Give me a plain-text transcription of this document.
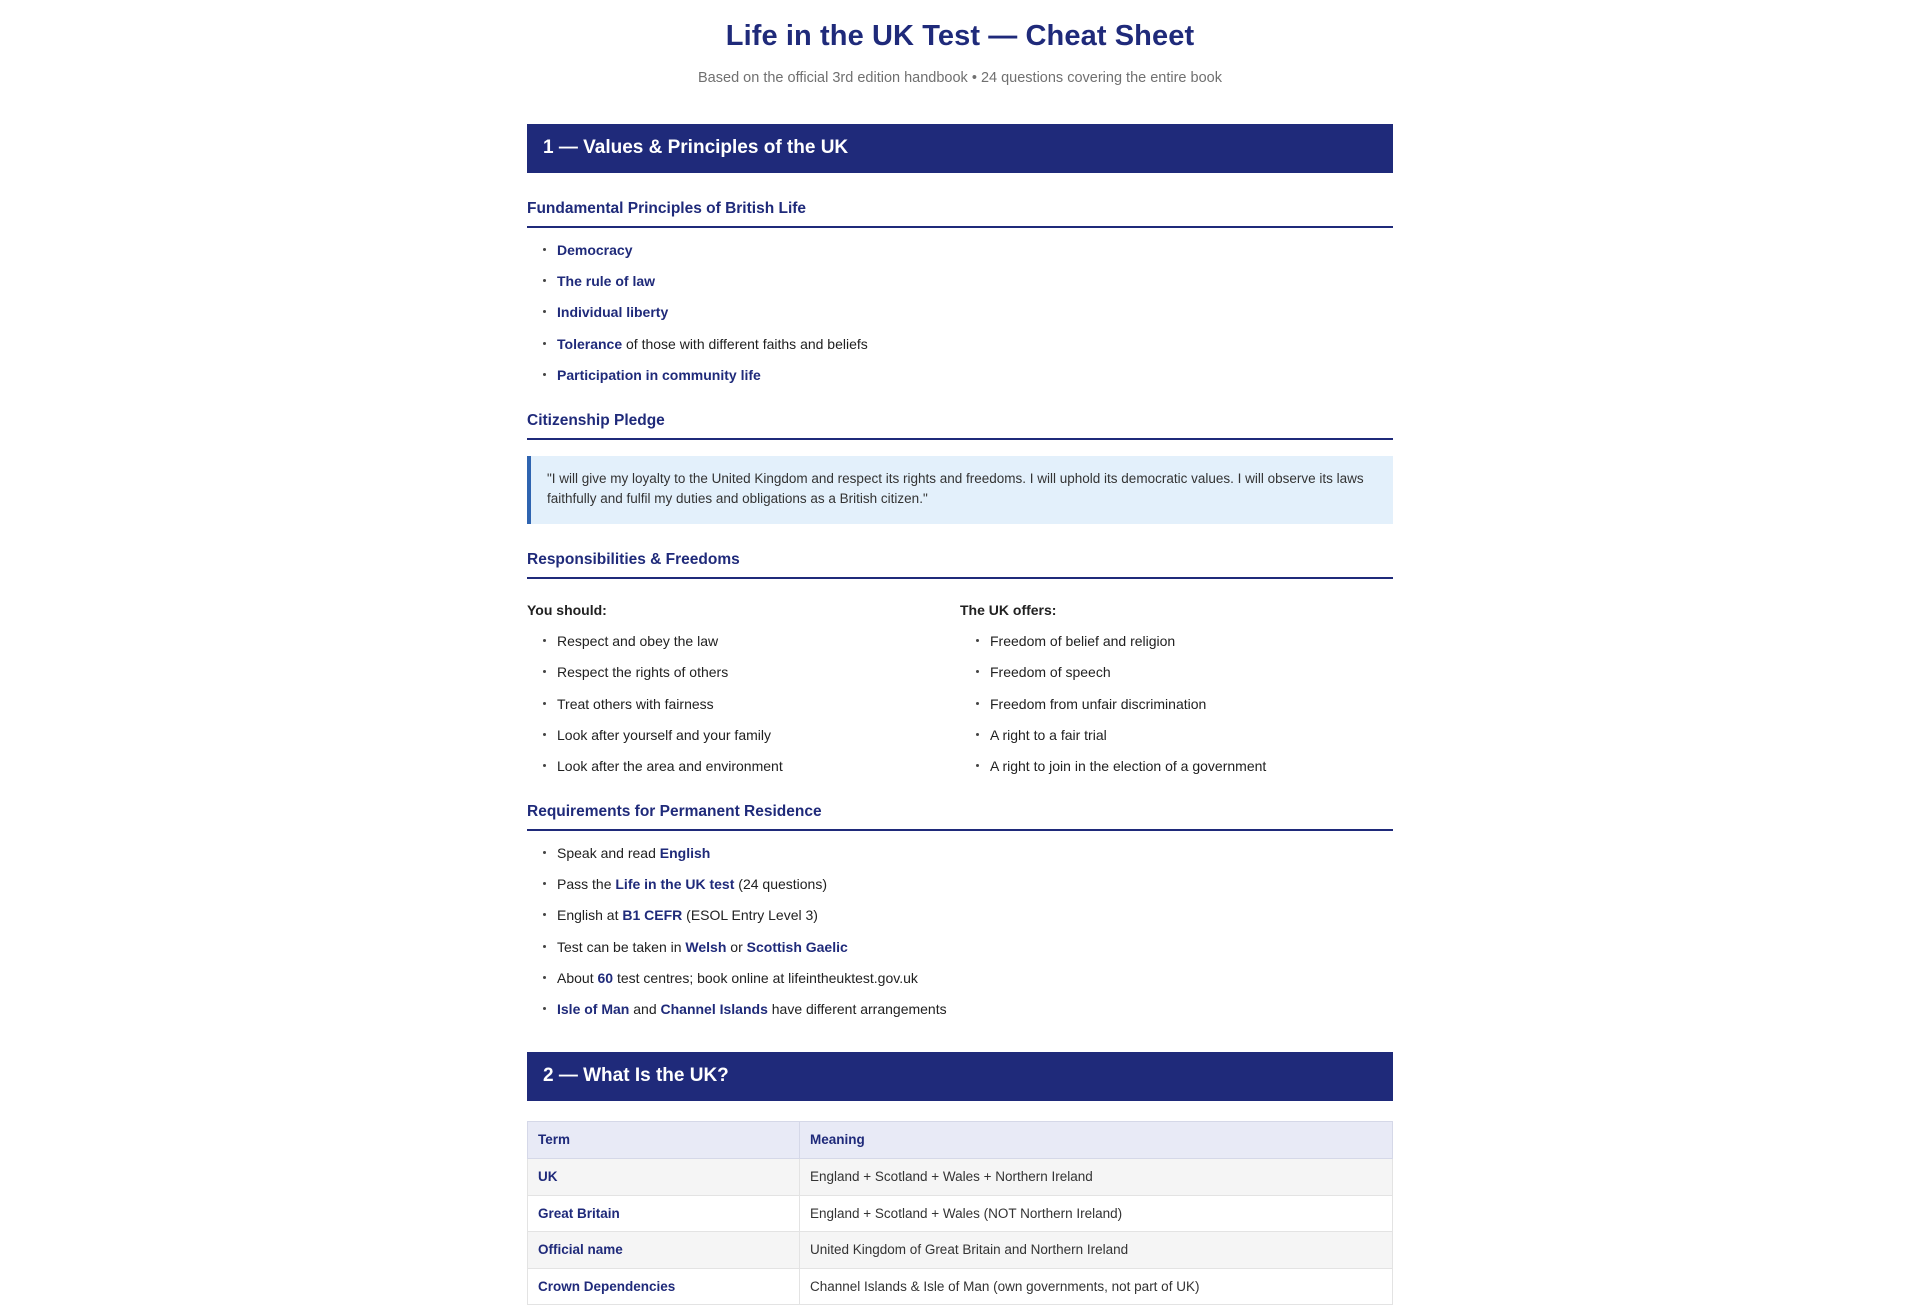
Life in the UK Test — Cheat Sheet

Based on the official 3rd edition handbook • 24 questions covering the entire book

1 — Values & Principles of the UK
Fundamental Principles of British Life
Democracy
The rule of law
Individual liberty
Tolerance of those with different faiths and beliefs
Participation in community life
Citizenship Pledge
"I will give my loyalty to the United Kingdom and respect its rights and freedoms. I will uphold its democratic values. I will observe its laws faithfully and fulfil my duties and obligations as a British citizen."
Responsibilities & Freedoms

You should:

Respect and obey the law
Respect the rights of others
Treat others with fairness
Look after yourself and your family
Look after the area and environment

The UK offers:

Freedom of belief and religion
Freedom of speech
Freedom from unfair discrimination
A right to a fair trial
A right to join in the election of a government
Requirements for Permanent Residence
Speak and read English
Pass the Life in the UK test (24 questions)
English at B1 CEFR (ESOL Entry Level 3)
Test can be taken in Welsh or Scottish Gaelic
About 60 test centres; book online at lifeintheuktest.gov.uk
Isle of Man and Channel Islands have different arrangements
2 — What Is the UK?
Term	Meaning
UK	England + Scotland + Wales + Northern Ireland
Great Britain	England + Scotland + Wales (NOT Northern Ireland)
Official name	United Kingdom of Great Britain and Northern Ireland
Crown Dependencies	Channel Islands & Isle of Man (own governments, not part of UK)
